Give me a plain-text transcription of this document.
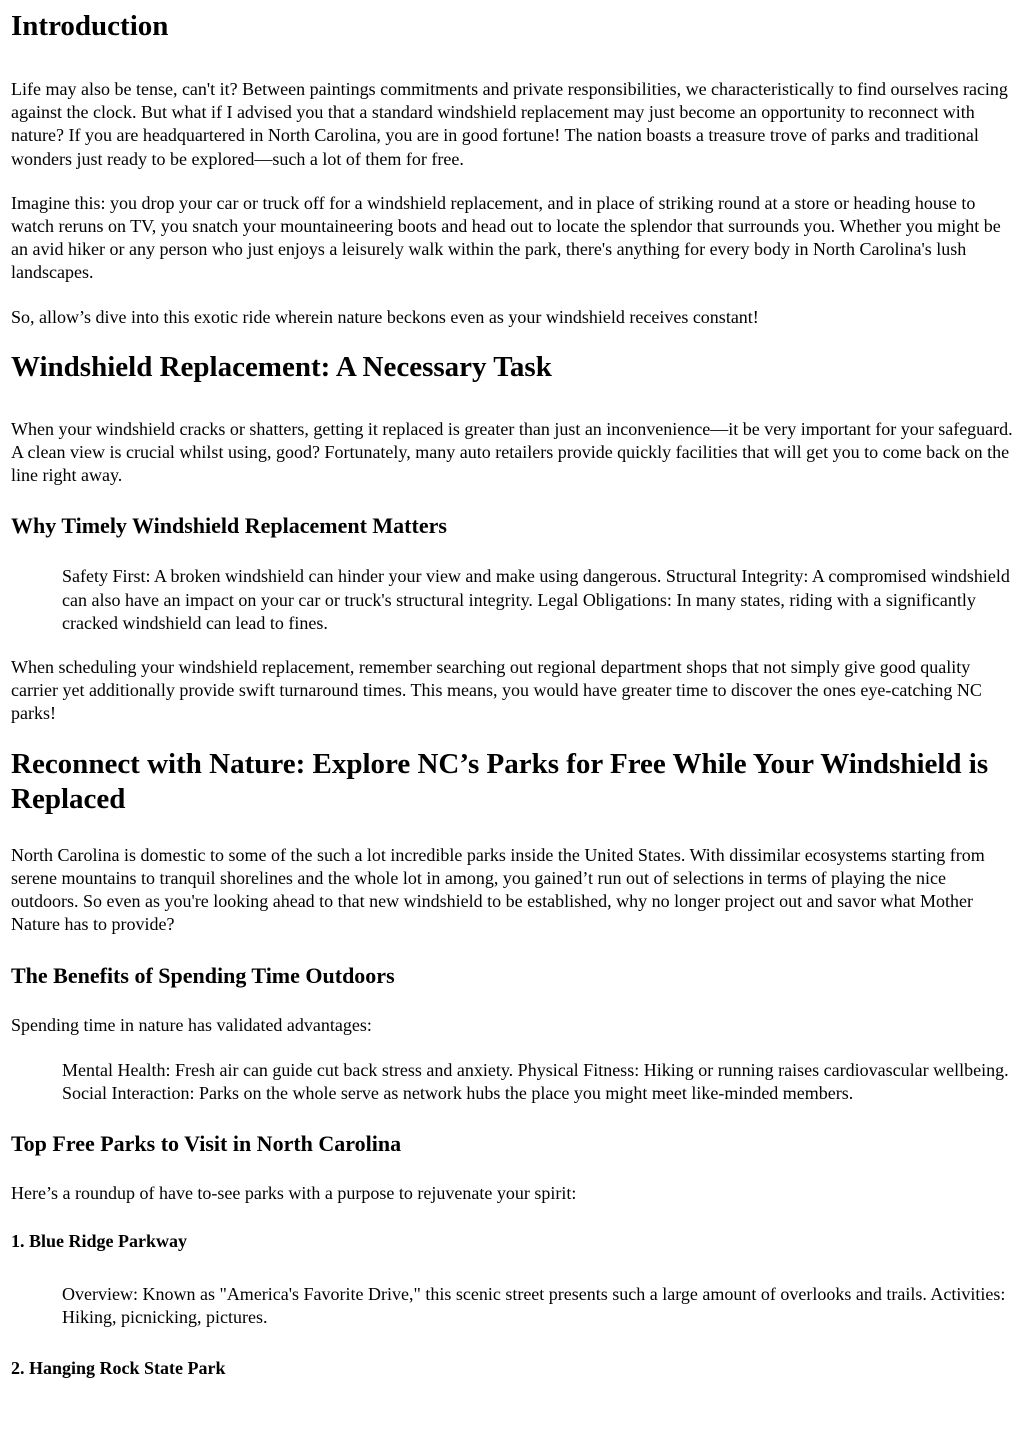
Introduction

Life may also be tense, can't it? Between paintings commitments and private responsibilities, we characteristically to find ourselves racing against the clock. But what if I advised you that a standard windshield replacement may just become an opportunity to reconnect with nature? If you are headquartered in North Carolina, you are in good fortune! The nation boasts a treasure trove of parks and traditional wonders just ready to be explored—such a lot of them for free.

Imagine this: you drop your car or truck off for a windshield replacement, and in place of striking round at a store or heading house to watch reruns on TV, you snatch your mountaineering boots and head out to locate the splendor that surrounds you. Whether you might be an avid hiker or any person who just enjoys a leisurely walk within the park, there's anything for every body in North Carolina's lush landscapes.

So, allow’s dive into this exotic ride wherein nature beckons even as your windshield receives constant!

Windshield Replacement: A Necessary Task

When your windshield cracks or shatters, getting it replaced is greater than just an inconvenience—it be very important for your safeguard. A clean view is crucial whilst using, good? Fortunately, many auto retailers provide quickly facilities that will get you to come back on the line right away.

Why Timely Windshield Replacement Matters
Safety First: A broken windshield can hinder your view and make using dangerous. Structural Integrity: A compromised windshield can also have an impact on your car or truck's structural integrity. Legal Obligations: In many states, riding with a significantly cracked windshield can lead to fines.

When scheduling your windshield replacement, remember searching out regional department shops that not simply give good quality carrier yet additionally provide swift turnaround times. This means, you would have greater time to discover the ones eye-catching NC parks!

Reconnect with Nature: Explore NC’s Parks for Free While Your Windshield is Replaced

North Carolina is domestic to some of the such a lot incredible parks inside the United States. With dissimilar ecosystems starting from serene mountains to tranquil shorelines and the whole lot in among, you gained’t run out of selections in terms of playing the nice outdoors. So even as you're looking ahead to that new windshield to be established, why no longer project out and savor what Mother Nature has to provide?

The Benefits of Spending Time Outdoors

Spending time in nature has validated advantages:

Mental Health: Fresh air can guide cut back stress and anxiety. Physical Fitness: Hiking or running raises cardiovascular wellbeing. Social Interaction: Parks on the whole serve as network hubs the place you might meet like-minded members.
Top Free Parks to Visit in North Carolina

Here’s a roundup of have to-see parks with a purpose to rejuvenate your spirit:

1. Blue Ridge Parkway
Overview: Known as "America's Favorite Drive," this scenic street presents such a large amount of overlooks and trails. Activities: Hiking, picnicking, pictures.
2. Hanging Rock State Park
